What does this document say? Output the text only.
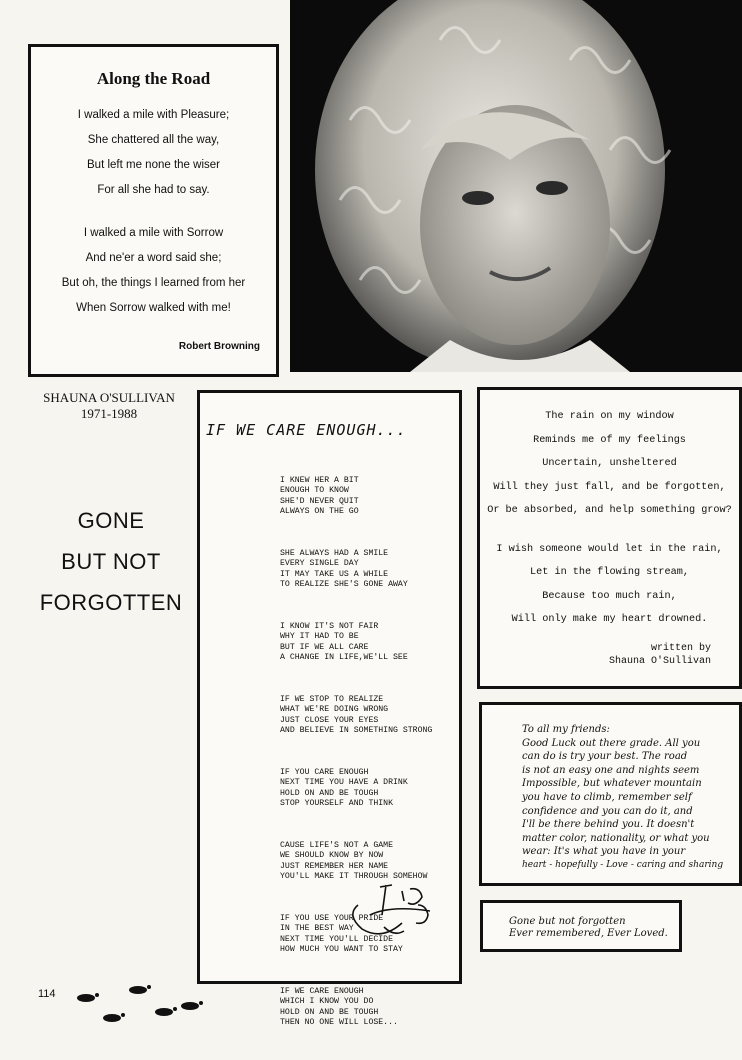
Along the Road
I walked a mile with Pleasure;
She chattered all the way,
But left me none the wiser
For all she had to say.
I walked a mile with Sorrow
And ne'er a word said she;
But oh, the things I learned from her
When Sorrow walked with me!
Robert Browning
SHAUNA O'SULLIVAN
1971-1988
GONE
BUT NOT
FORGOTTEN

I KNEW HER A BIT
ENOUGH TO KNOW
SHE'D NEVER QUIT
ALWAYS ON THE GO

SHE ALWAYS HAD A SMILE
EVERY SINGLE DAY
IT MAY TAKE US A WHILE
TO REALIZE SHE'S GONE AWAY

I KNOW IT'S NOT FAIR
WHY IT HAD TO BE
BUT IF WE ALL CARE
A CHANGE IN LIFE,WE'LL SEE

IF WE STOP TO REALIZE
WHAT WE'RE DOING WRONG
JUST CLOSE YOUR EYES
AND BELIEVE IN SOMETHING STRONG

IF YOU CARE ENOUGH
NEXT TIME YOU HAVE A DRINK
HOLD ON AND BE TOUGH
STOP YOURSELF AND THINK

CAUSE LIFE'S NOT A GAME
WE SHOULD KNOW BY NOW
JUST REMEMBER HER NAME
YOU'LL MAKE IT THROUGH SOMEHOW

IF YOU USE YOUR PRIDE
IN THE BEST WAY
NEXT TIME YOU'LL DECIDE
HOW MUCH YOU WANT TO STAY

IF WE CARE ENOUGH
WHICH I KNOW YOU DO
HOLD ON AND BE TOUGH
THEN NO ONE WILL LOSE...

IF WE CARE ENOUGH...
The rain on my window
Reminds me of my feelings
Uncertain, unsheltered
Will they just fall, and be forgotten,
Or be absorbed, and help something grow?
I wish someone would let in the rain,
Let in the flowing stream,
Because too much rain,
Will only make my heart drowned.
written by
Shauna O'Sullivan
To all my friends:
Good Luck out there grade. All you
can do is try your best. The road
is not an easy one and nights seem
Impossible, but whatever mountain
you have to climb, remember self
confidence and you can do it, and
I'll be there behind you. It doesn't
matter color, nationality, or what you
wear: It's what you have in your
heart - hopefully - Love - caring and sharing
Gone but not forgotten
Ever remembered, Ever Loved.
114
